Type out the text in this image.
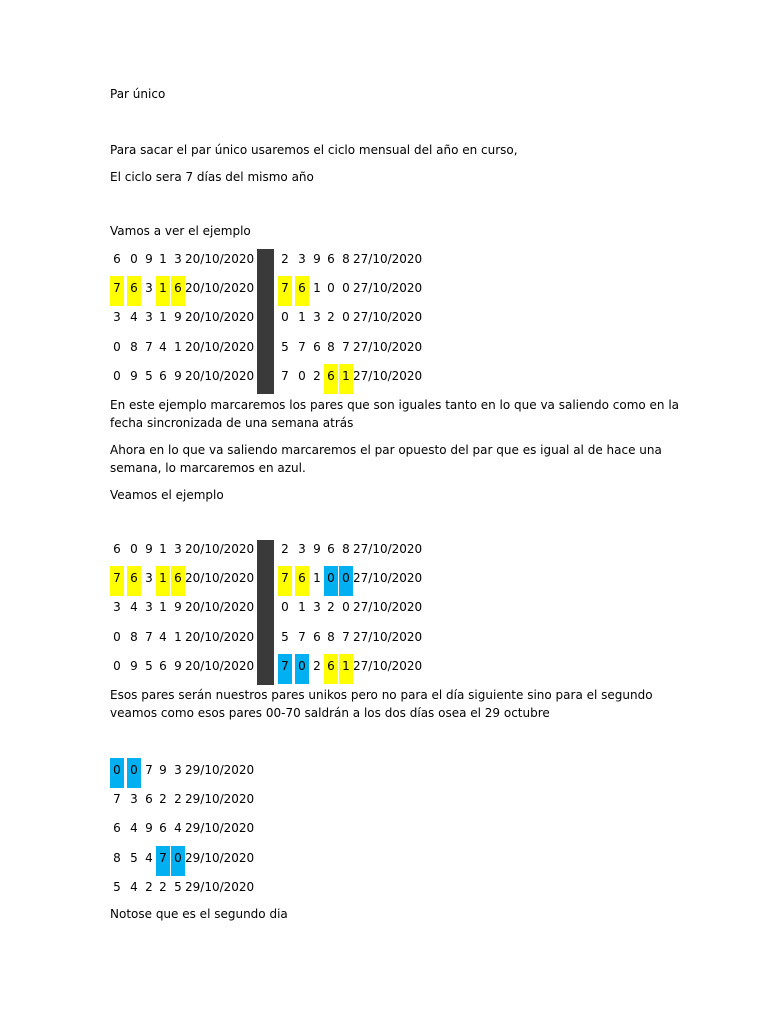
Par único

Para sacar el par único usaremos el ciclo mensual del año en curso,

El ciclo sera 7 días del mismo año

Vamos a ver el ejemplo

6 0 9 1 3 20/10/2020
7 6 3 1 6 20/10/2020
3 4 3 1 9 20/10/2020
0 8 7 4 1 20/10/2020
0 9 5 6 9 20/10/2020
2 3 9 6 8 27/10/2020
7 6 1 0 0 27/10/2020
0 1 3 2 0 27/10/2020
5 7 6 8 7 27/10/2020
7 0 2 6 1 27/10/2020

En este ejemplo marcaremos los pares que son iguales tanto en lo que va saliendo como en la

fecha sincronizada de una semana atrás

Ahora en lo que va saliendo marcaremos el par opuesto del par que es igual al de hace una

semana, lo marcaremos en azul.

Veamos el ejemplo

6 0 9 1 3 20/10/2020
7 6 3 1 6 20/10/2020
3 4 3 1 9 20/10/2020
0 8 7 4 1 20/10/2020
0 9 5 6 9 20/10/2020
2 3 9 6 8 27/10/2020
7 6 1 0 0 27/10/2020
0 1 3 2 0 27/10/2020
5 7 6 8 7 27/10/2020
7 0 2 6 1 27/10/2020

Esos pares serán nuestros pares unikos pero no para el día siguiente sino para el segundo

veamos como esos pares 00-70 saldrán a los dos días osea el 29 octubre

0 0 7 9 3 29/10/2020
7 3 6 2 2 29/10/2020
6 4 9 6 4 29/10/2020
8 5 4 7 0 29/10/2020
5 4 2 2 5 29/10/2020

Notose que es el segundo dia
